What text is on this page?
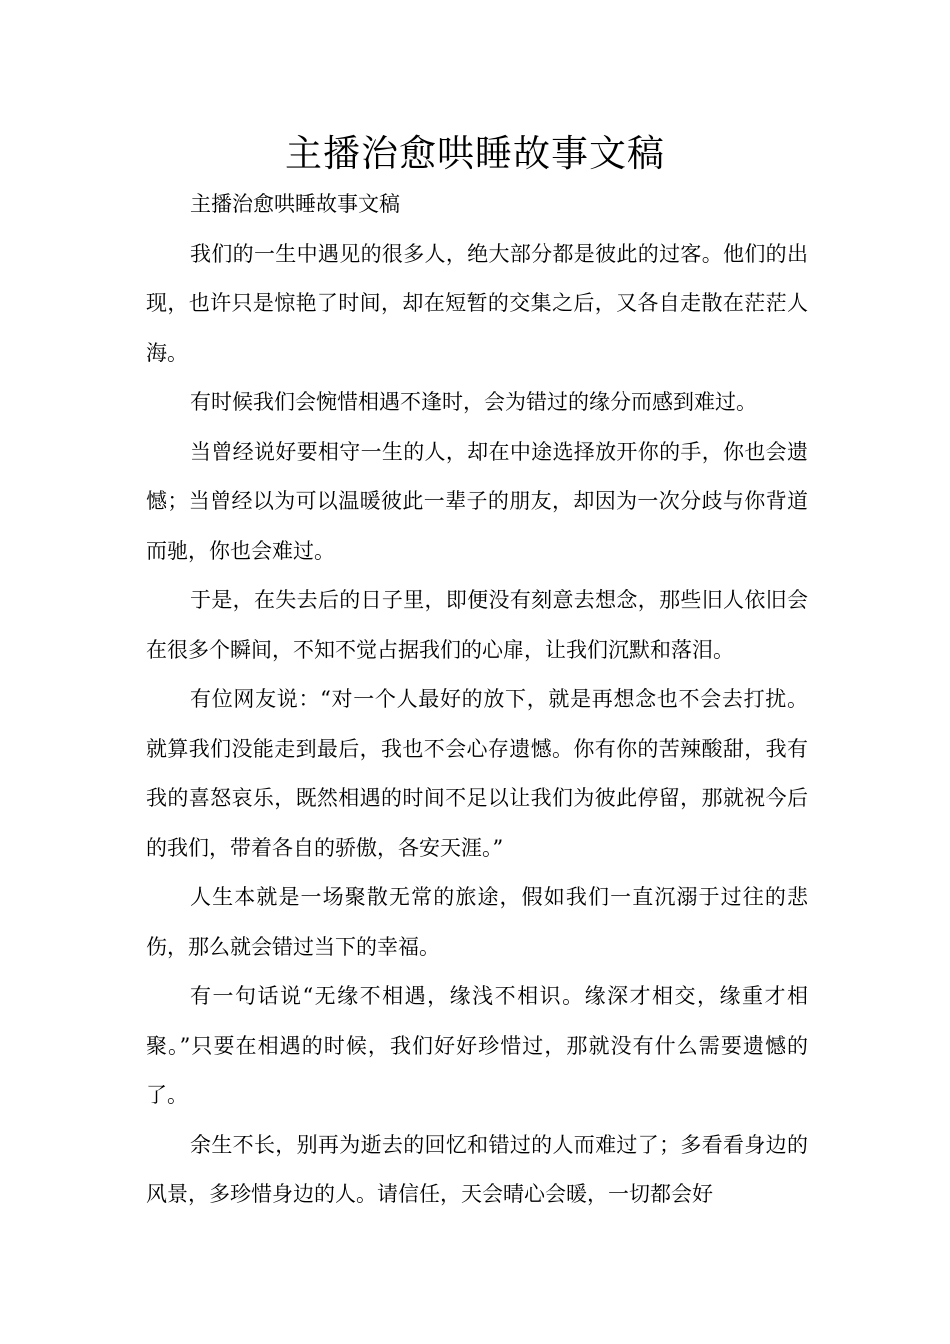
主播治愈哄睡故事文稿

主播治愈哄睡故事文稿

我们的一生中遇见的很多人，绝大部分都是彼此的过客。他们的出现，也许只是惊艳了时间，却在短暂的交集之后，又各自走散在茫茫人海。

有时候我们会惋惜相遇不逢时，会为错过的缘分而感到难过。

当曾经说好要相守一生的人，却在中途选择放开你的手，你也会遗憾；当曾经以为可以温暖彼此一辈子的朋友，却因为一次分歧与你背道而驰，你也会难过。

于是，在失去后的日子里，即便没有刻意去想念，那些旧人依旧会在很多个瞬间，不知不觉占据我们的心扉，让我们沉默和落泪。

有位网友说：“对一个人最好的放下，就是再想念也不会去打扰。就算我们没能走到最后，我也不会心存遗憾。你有你的苦辣酸甜，我有我的喜怒哀乐，既然相遇的时间不足以让我们为彼此停留，那就祝今后的我们，带着各自的骄傲，各安天涯。”

人生本就是一场聚散无常的旅途，假如我们一直沉溺于过往的悲伤，那么就会错过当下的幸福。

有一句话说“无缘不相遇，缘浅不相识。缘深才相交，缘重才相聚。”只要在相遇的时候，我们好好珍惜过，那就没有什么需要遗憾的了。

余生不长，别再为逝去的回忆和错过的人而难过了；多看看身边的风景，多珍惜身边的人。请信任，天会晴心会暖，一切都会好
